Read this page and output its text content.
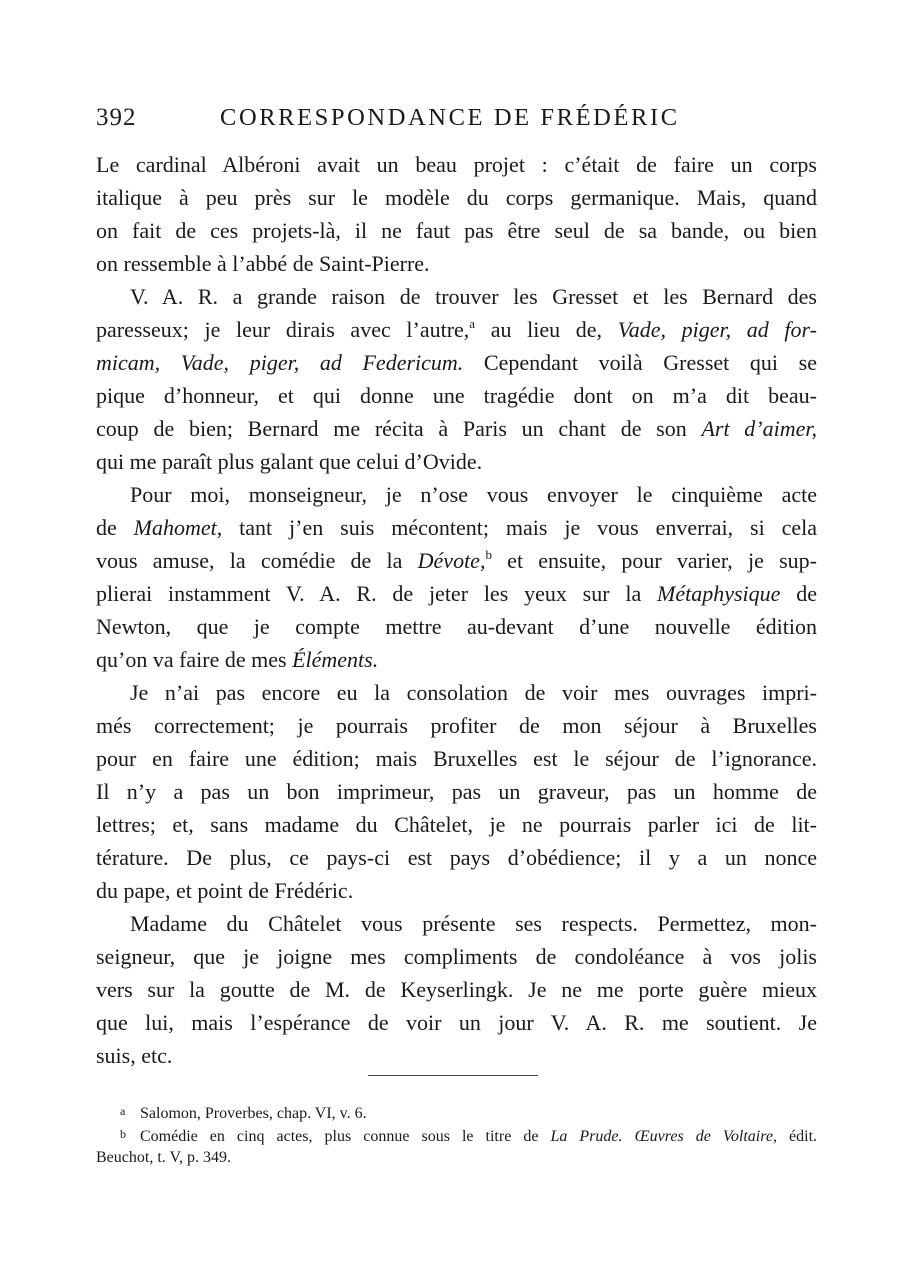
392	CORRESPONDANCE DE FRÉDÉRIC
Le cardinal Albéroni avait un beau projet : c’était de faire un corps
italique à peu près sur le modèle du corps germanique. Mais, quand
on fait de ces projets-là, il ne faut pas être seul de sa bande, ou bien
on ressemble à l’abbé de Saint-Pierre.
V. A. R. a grande raison de trouver les Gresset et les Bernard des
paresseux; je leur dirais avec l’autre,$^a$ au lieu de, Vade, piger, ad for-
micam, Vade, piger, ad Federicum. Cependant voilà Gresset qui se
pique d’honneur, et qui donne une tragédie dont on m’a dit beau-
coup de bien; Bernard me récita à Paris un chant de son Art d’aimer,
qui me paraît plus galant que celui d’Ovide.
Pour moi, monseigneur, je n’ose vous envoyer le cinquième acte
de Mahomet, tant j’en suis mécontent; mais je vous enverrai, si cela
vous amuse, la comédie de la Dévote,$^b$ et ensuite, pour varier, je sup-
plierai instamment V. A. R. de jeter les yeux sur la Métaphysique de
Newton, que je compte mettre au-devant d’une nouvelle édition
qu’on va faire de mes Éléments.
Je n’ai pas encore eu la consolation de voir mes ouvrages impri-
més correctement; je pourrais profiter de mon séjour à Bruxelles
pour en faire une édition; mais Bruxelles est le séjour de l’ignorance.
Il n’y a pas un bon imprimeur, pas un graveur, pas un homme de
lettres; et, sans madame du Châtelet, je ne pourrais parler ici de lit-
térature. De plus, ce pays-ci est pays d’obédience; il y a un nonce
du pape, et point de Frédéric.
Madame du Châtelet vous présente ses respects. Permettez, mon-
seigneur, que je joigne mes compliments de condoléance à vos jolis
vers sur la goutte de M. de Keyserlingk. Je ne me porte guère mieux
que lui, mais l’espérance de voir un jour V. A. R. me soutient. Je
suis, etc.
a Salomon, Proverbes, chap. VI, v. 6.
b Comédie en cinq actes, plus connue sous le titre de La Prude. Œuvres de Voltaire, édit.
Beuchot, t. V, p. 349.
